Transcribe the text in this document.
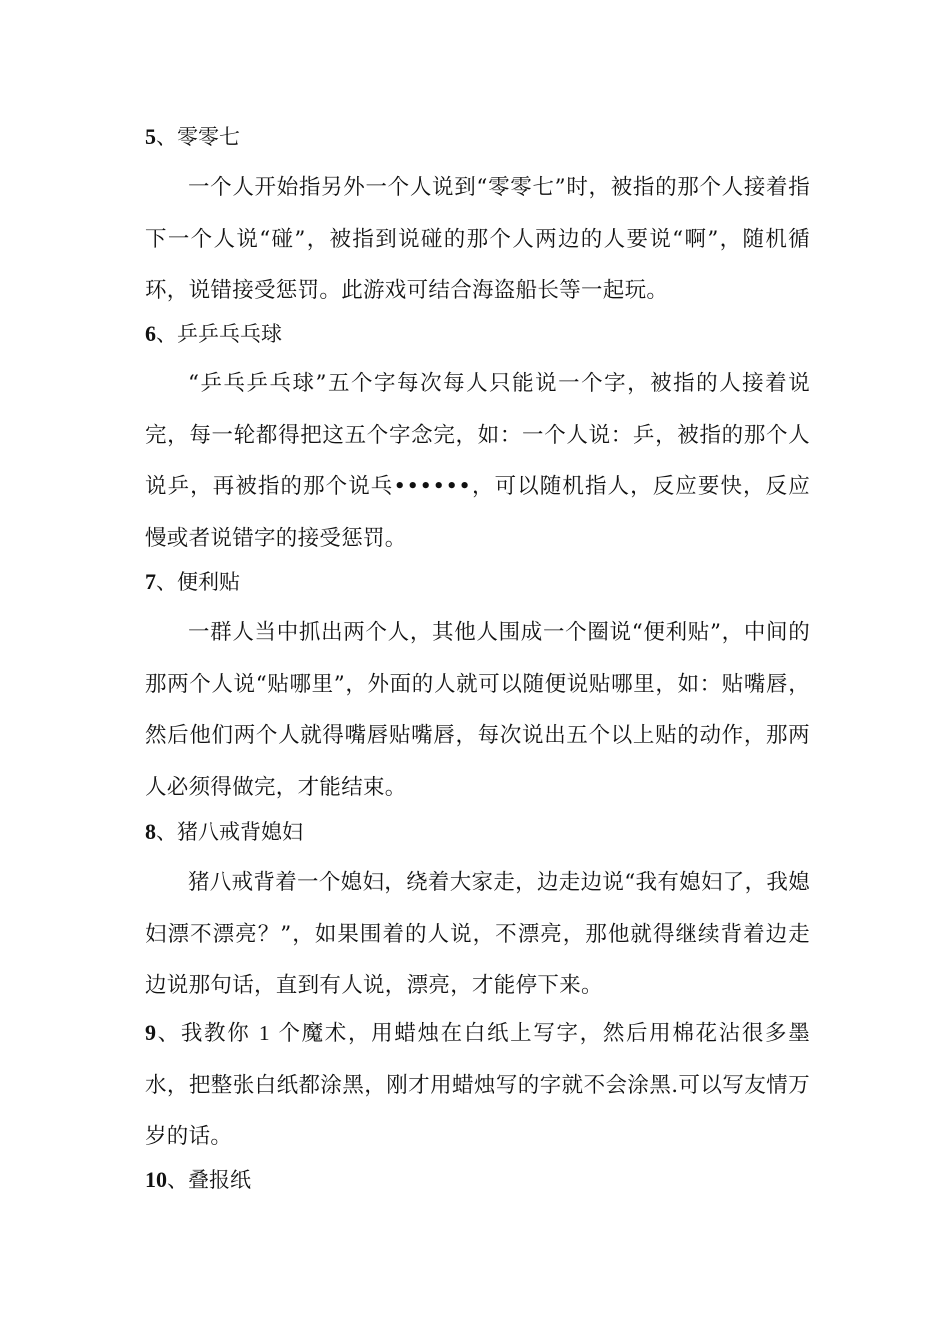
5、零零七
一个人开始指另外一个人说到“零零七”时，被指的那个人接着指下一个人说“碰”，被指到说碰的那个人两边的人要说“啊”，随机循环，说错接受惩罚。此游戏可结合海盗船长等一起玩。
6、乒乒乓乓球
“乒乓乒乓球”五个字每次每人只能说一个字，被指的人接着说完，每一轮都得把这五个字念完，如：一个人说：乒，被指的那个人说乒，再被指的那个说乓••••••，可以随机指人，反应要快，反应慢或者说错字的接受惩罚。
7、便利贴
一群人当中抓出两个人，其他人围成一个圈说“便利贴”，中间的那两个人说“贴哪里”，外面的人就可以随便说贴哪里，如：贴嘴唇，然后他们两个人就得嘴唇贴嘴唇，每次说出五个以上贴的动作，那两人必须得做完，才能结束。
8、猪八戒背媳妇
猪八戒背着一个媳妇，绕着大家走，边走边说“我有媳妇了，我媳妇漂不漂亮？”，如果围着的人说，不漂亮，那他就得继续背着边走边说那句话，直到有人说，漂亮，才能停下来。
9、我教你 1 个魔术，用蜡烛在白纸上写字，然后用棉花沾很多墨水，把整张白纸都涂黑，刚才用蜡烛写的字就不会涂黑.可以写友情万岁的话。
10、叠报纸
